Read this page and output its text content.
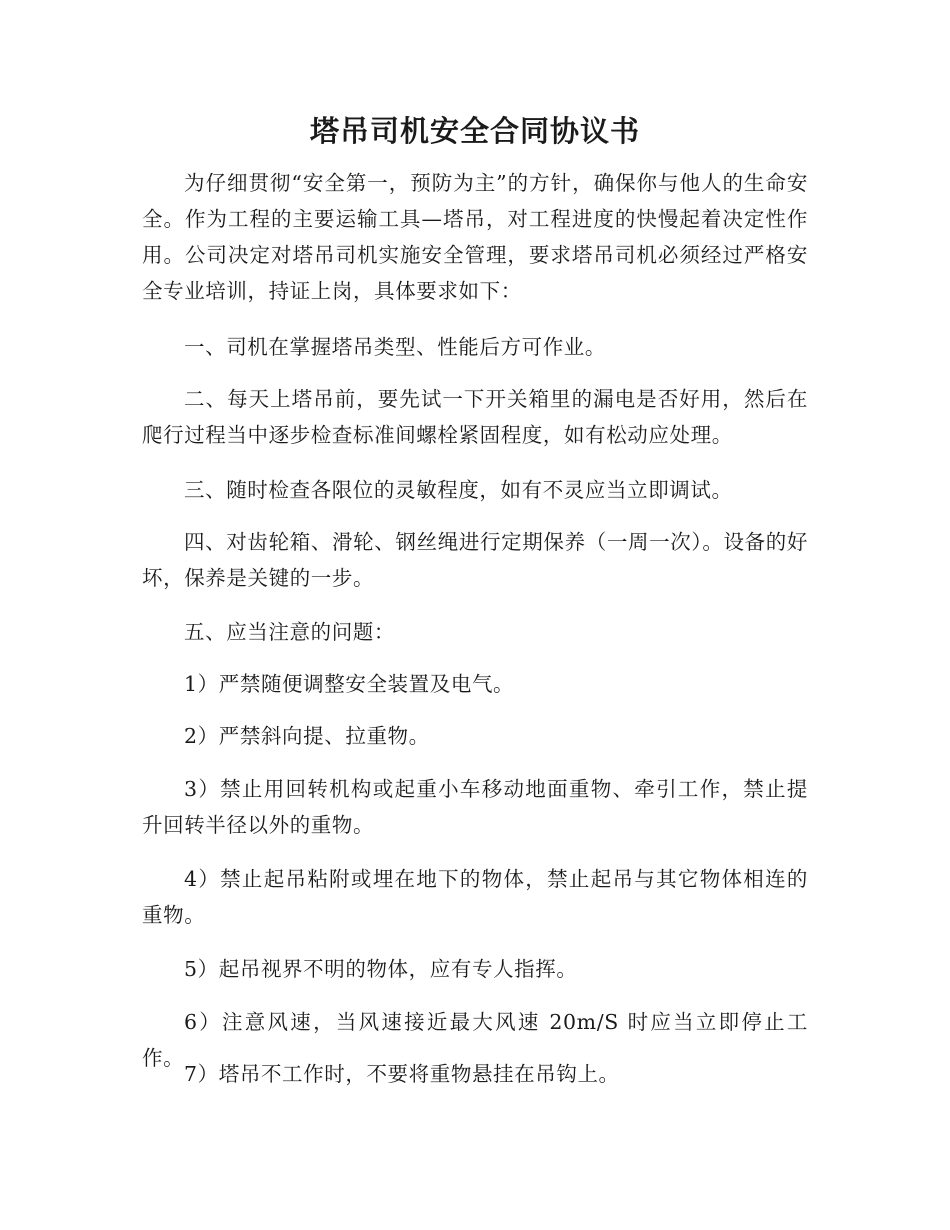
塔吊司机安全合同协议书

为仔细贯彻“安全第一，预防为主”的方针，确保你与他人的生命安 全。作为工程的主要运输工具—塔吊，对工程进度的快慢起着决定性作用。公司决定对塔吊司机实施安全管理，要求塔吊司机必须经过严格安全专业培训，持证上岗，具体要求如下：

一、司机在掌握塔吊类型、性能后方可作业。

二、每天上塔吊前，要先试一下开关箱里的漏电是否好用，然后在爬行过程当中逐步检查标准间螺栓紧固程度，如有松动应处理。

三、随时检查各限位的灵敏程度，如有不灵应当立即调试。

四、对齿轮箱、滑轮、钢丝绳进行定期保养（一周一次）。设备的好坏，保养是关键的一步。

五、应当注意的问题：

1）严禁随便调整安全装置及电气。

2）严禁斜向提、拉重物。

3）禁止用回转机构或起重小车移动地面重物、牵引工作，禁止提升回转半径以外的重物。

4）禁止起吊粘附或埋在地下的物体，禁止起吊与其它物体相连的重物。

5）起吊视界不明的物体，应有专人指挥。

6）注意风速，当风速接近最大风速 20m/S 时应当立即停止工作。

7）塔吊不工作时，不要将重物悬挂在吊钩上。
